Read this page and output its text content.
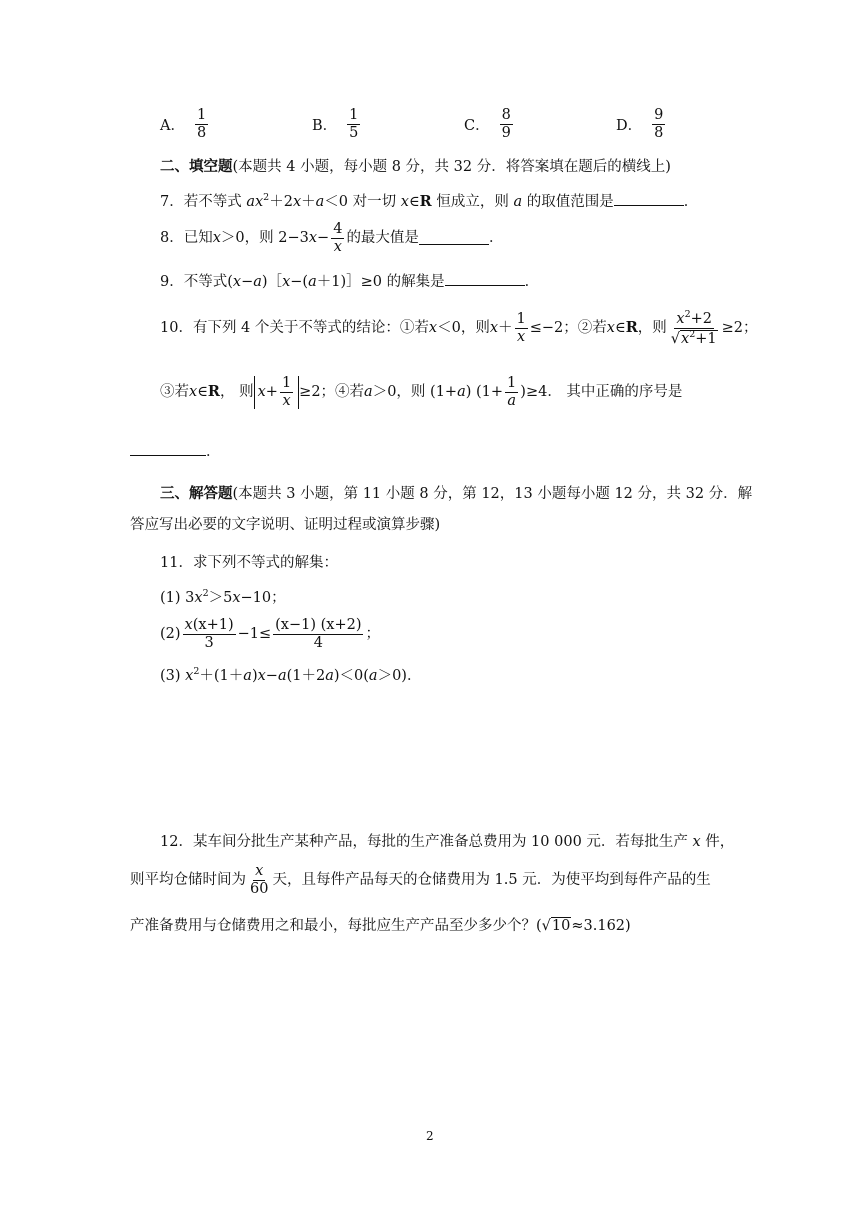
A． $\frac{1}{8}$	B． $\frac{1}{5}$	C． $\frac{8}{9}$	D． $\frac{9}{8}$
二、填空题(本题共 4 小题，每小题 8 分，共 32 分．将答案填在题后的横线上)
7．若不等式 $ax^2+2x+a<0$ 对一切 x∈R 恒成立，则 a 的取值范围是	．
8．已知 x ＞0，则 2−3 $x - \frac{4}{x}$ 的最大值是	．
9．不等式(x−a)［x−(a＋1)］≥0 的解集是	．
10．有下列 4 个关于不等式的结论：①若 x ＜0，则 $x + \frac{1}{x} \le-2$；②若 x ∈ R ，则 $\frac{x^2+2}{√x^2+1} \ge 2$；
③若 x ∈ R ， 则 $x + \frac{1}{x} \ge 2$；④若 a ＞0，则 (1+ a ) $(1+ \frac{1}{a} )\ge 4$． 其中正确的序号是
．
三、解答题(本题共 3 小题，第 11 小题 8 分，第 12，13 小题每小题 12 分，共 32 分．解
答应写出必要的文字说明、证明过程或演算步骤)
11．求下列不等式的解集：
(1) $3x^2>5x-10$；
$(2) \frac{x(x+1)}{3} -1\le \frac{(x-1) (x+2)}{4}$ ；
(3) $x^2+(1+a)x-a(1+2a)<0(a>0)$．
12．某车间分批生产某种产品，每批的生产准备总费用为 10 000 元．若每批生产 x 件，
则平均仓储时间为 $\frac{x}{60}$ 天，且每件产品每天的仓储费用为 1.5 元．为使平均到每件产品的生
产准备费用与仓储费用之和最小，每批应生产产品至少多少个？(√10≈3.162)
2
